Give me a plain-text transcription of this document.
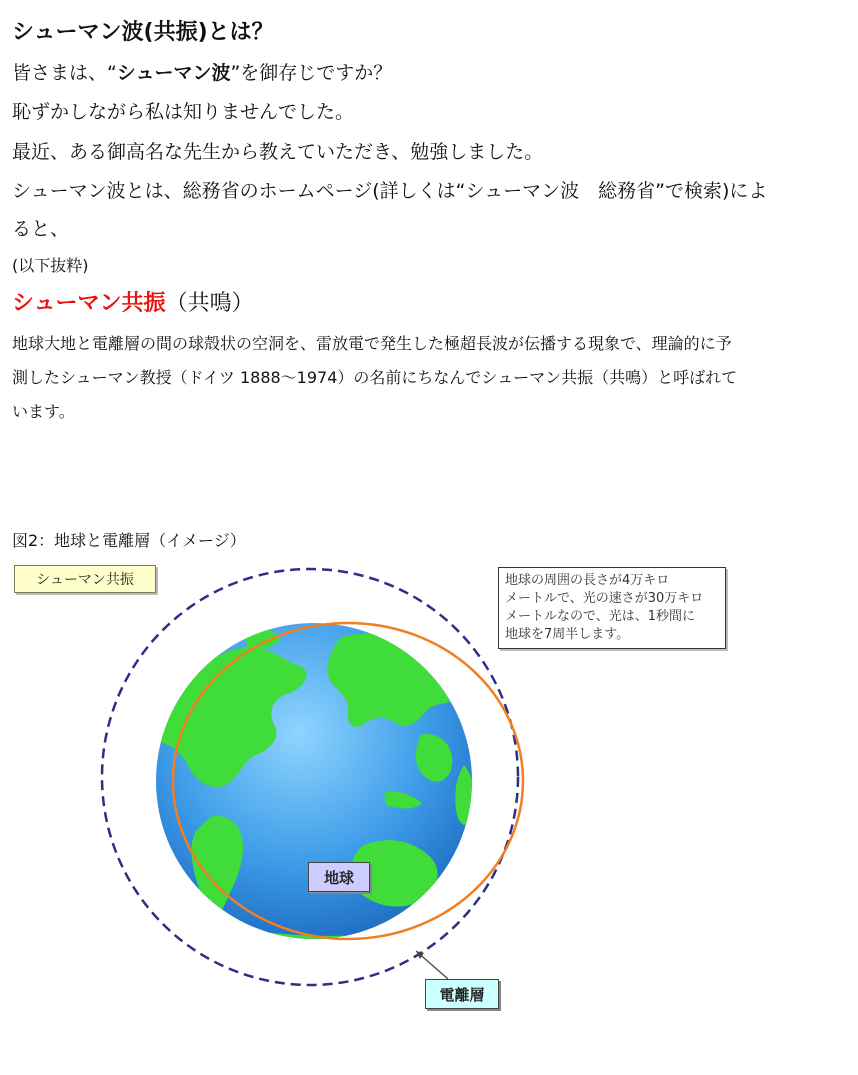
シューマン波(共振)とは？
皆さまは、“シューマン波”を御存じですか？
恥ずかしながら私は知りませんでした。
最近、ある御高名な先生から教えていただき、勉強しました。
シューマン波とは、総務省のホームページ(詳しくは“シューマン波　総務省”で検索)によ
ると、
(以下抜粋)
シューマン共振（共鳴）
地球大地と電離層の間の球殻状の空洞を、雷放電で発生した極超長波が伝播する現象で、理論的に予
測したシューマン教授（ドイツ 1888～1974）の名前にちなんでシューマン共振（共鳴）と呼ばれて
います。
図2：地球と電離層（イメージ）
シューマン共振	地球の周囲の長さが4万キロ
メートルで、光の速さが30万キロ
メートルなので、光は、1秒間に
地球を7周半します。
地球
電離層
